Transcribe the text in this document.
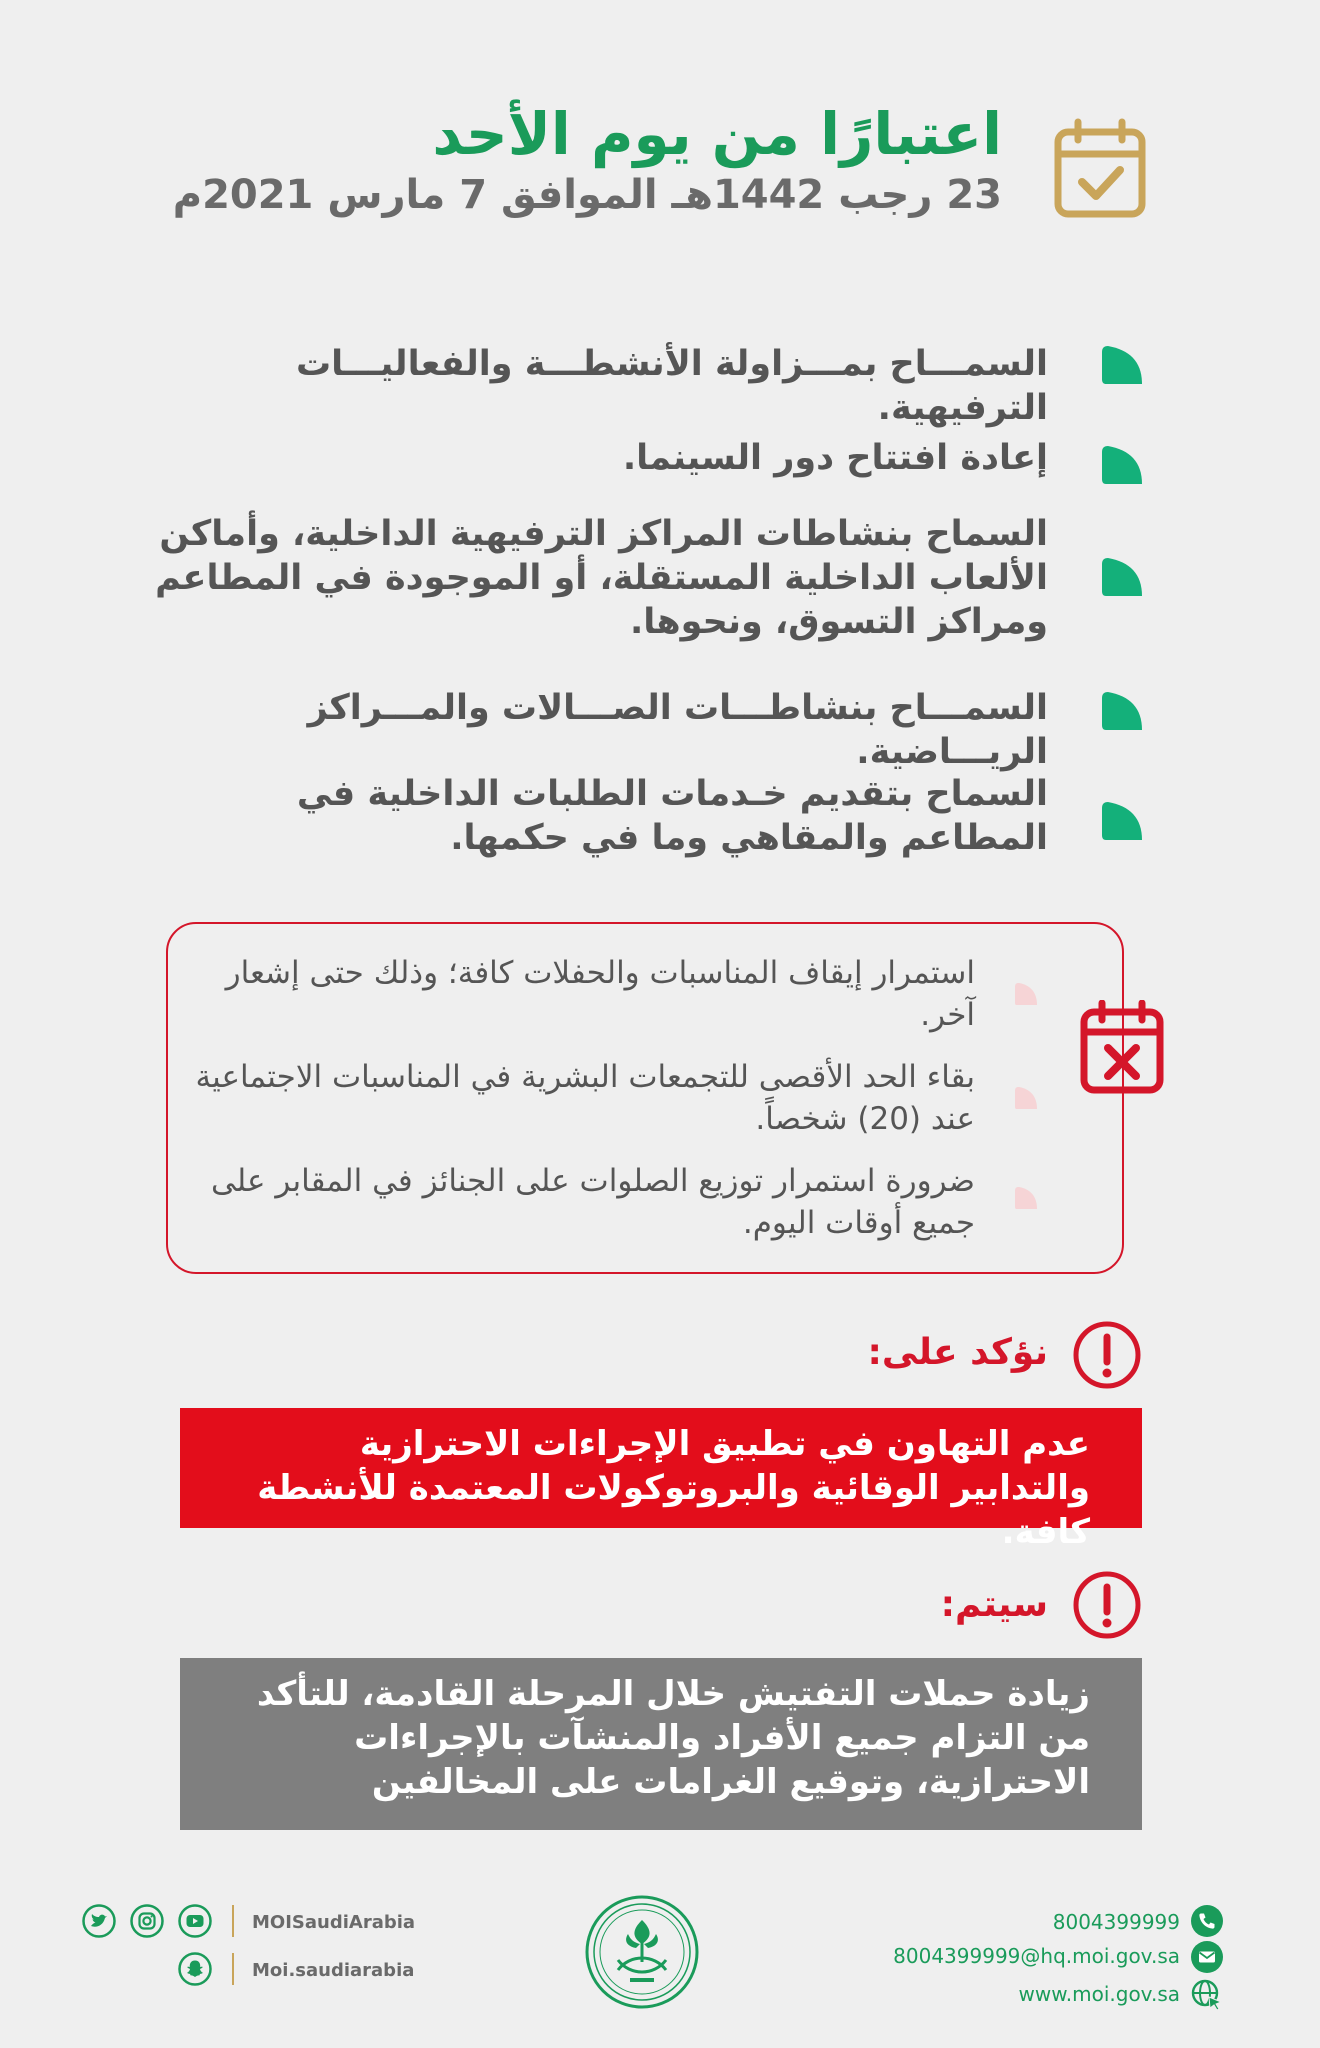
اعتبارًا من يوم الأحد
23 رجب 1442هـ الموافق 7 مارس 2021م
السمـــاح بمـــزاولة الأنشطـــة والفعاليـــات الترفيهية.
إعادة افتتاح دور السينما.
السماح بنشاطات المراكز الترفيهية الداخلية، وأماكن الألعاب الداخلية المستقلة، أو الموجودة في المطاعم ومراكز التسوق، ونحوها.
السمـــاح بنشاطـــات الصـــالات والمـــراكز الريـــاضية.
السماح بتقديم خـدمات الطلبات الداخلية في المطاعم والمقاهي وما في حكمها.
استمرار إيقاف المناسبات والحفلات كافة؛ وذلك حتى إشعار آخر.
بقاء الحد الأقصى للتجمعات البشرية في المناسبات الاجتماعية عند (20) شخصاً.
ضرورة استمرار توزيع الصلوات على الجنائز في المقابر على جميع أوقات اليوم.
نؤكد على:
عدم التهاون في تطبيق الإجراءات الاحترازية والتدابير الوقائية والبروتوكولات المعتمدة للأنشطة كافة.
سيتم:
زيادة حملات التفتيش خلال المرحلة القادمة، للتأكد من التزام جميع الأفراد والمنشآت بالإجراءات الاحترازية، وتوقيع الغرامات على المخالفين
MOISaudiArabia
Moi.saudiarabia
8004399999
8004399999@hq.moi.gov.sa
www.moi.gov.sa
